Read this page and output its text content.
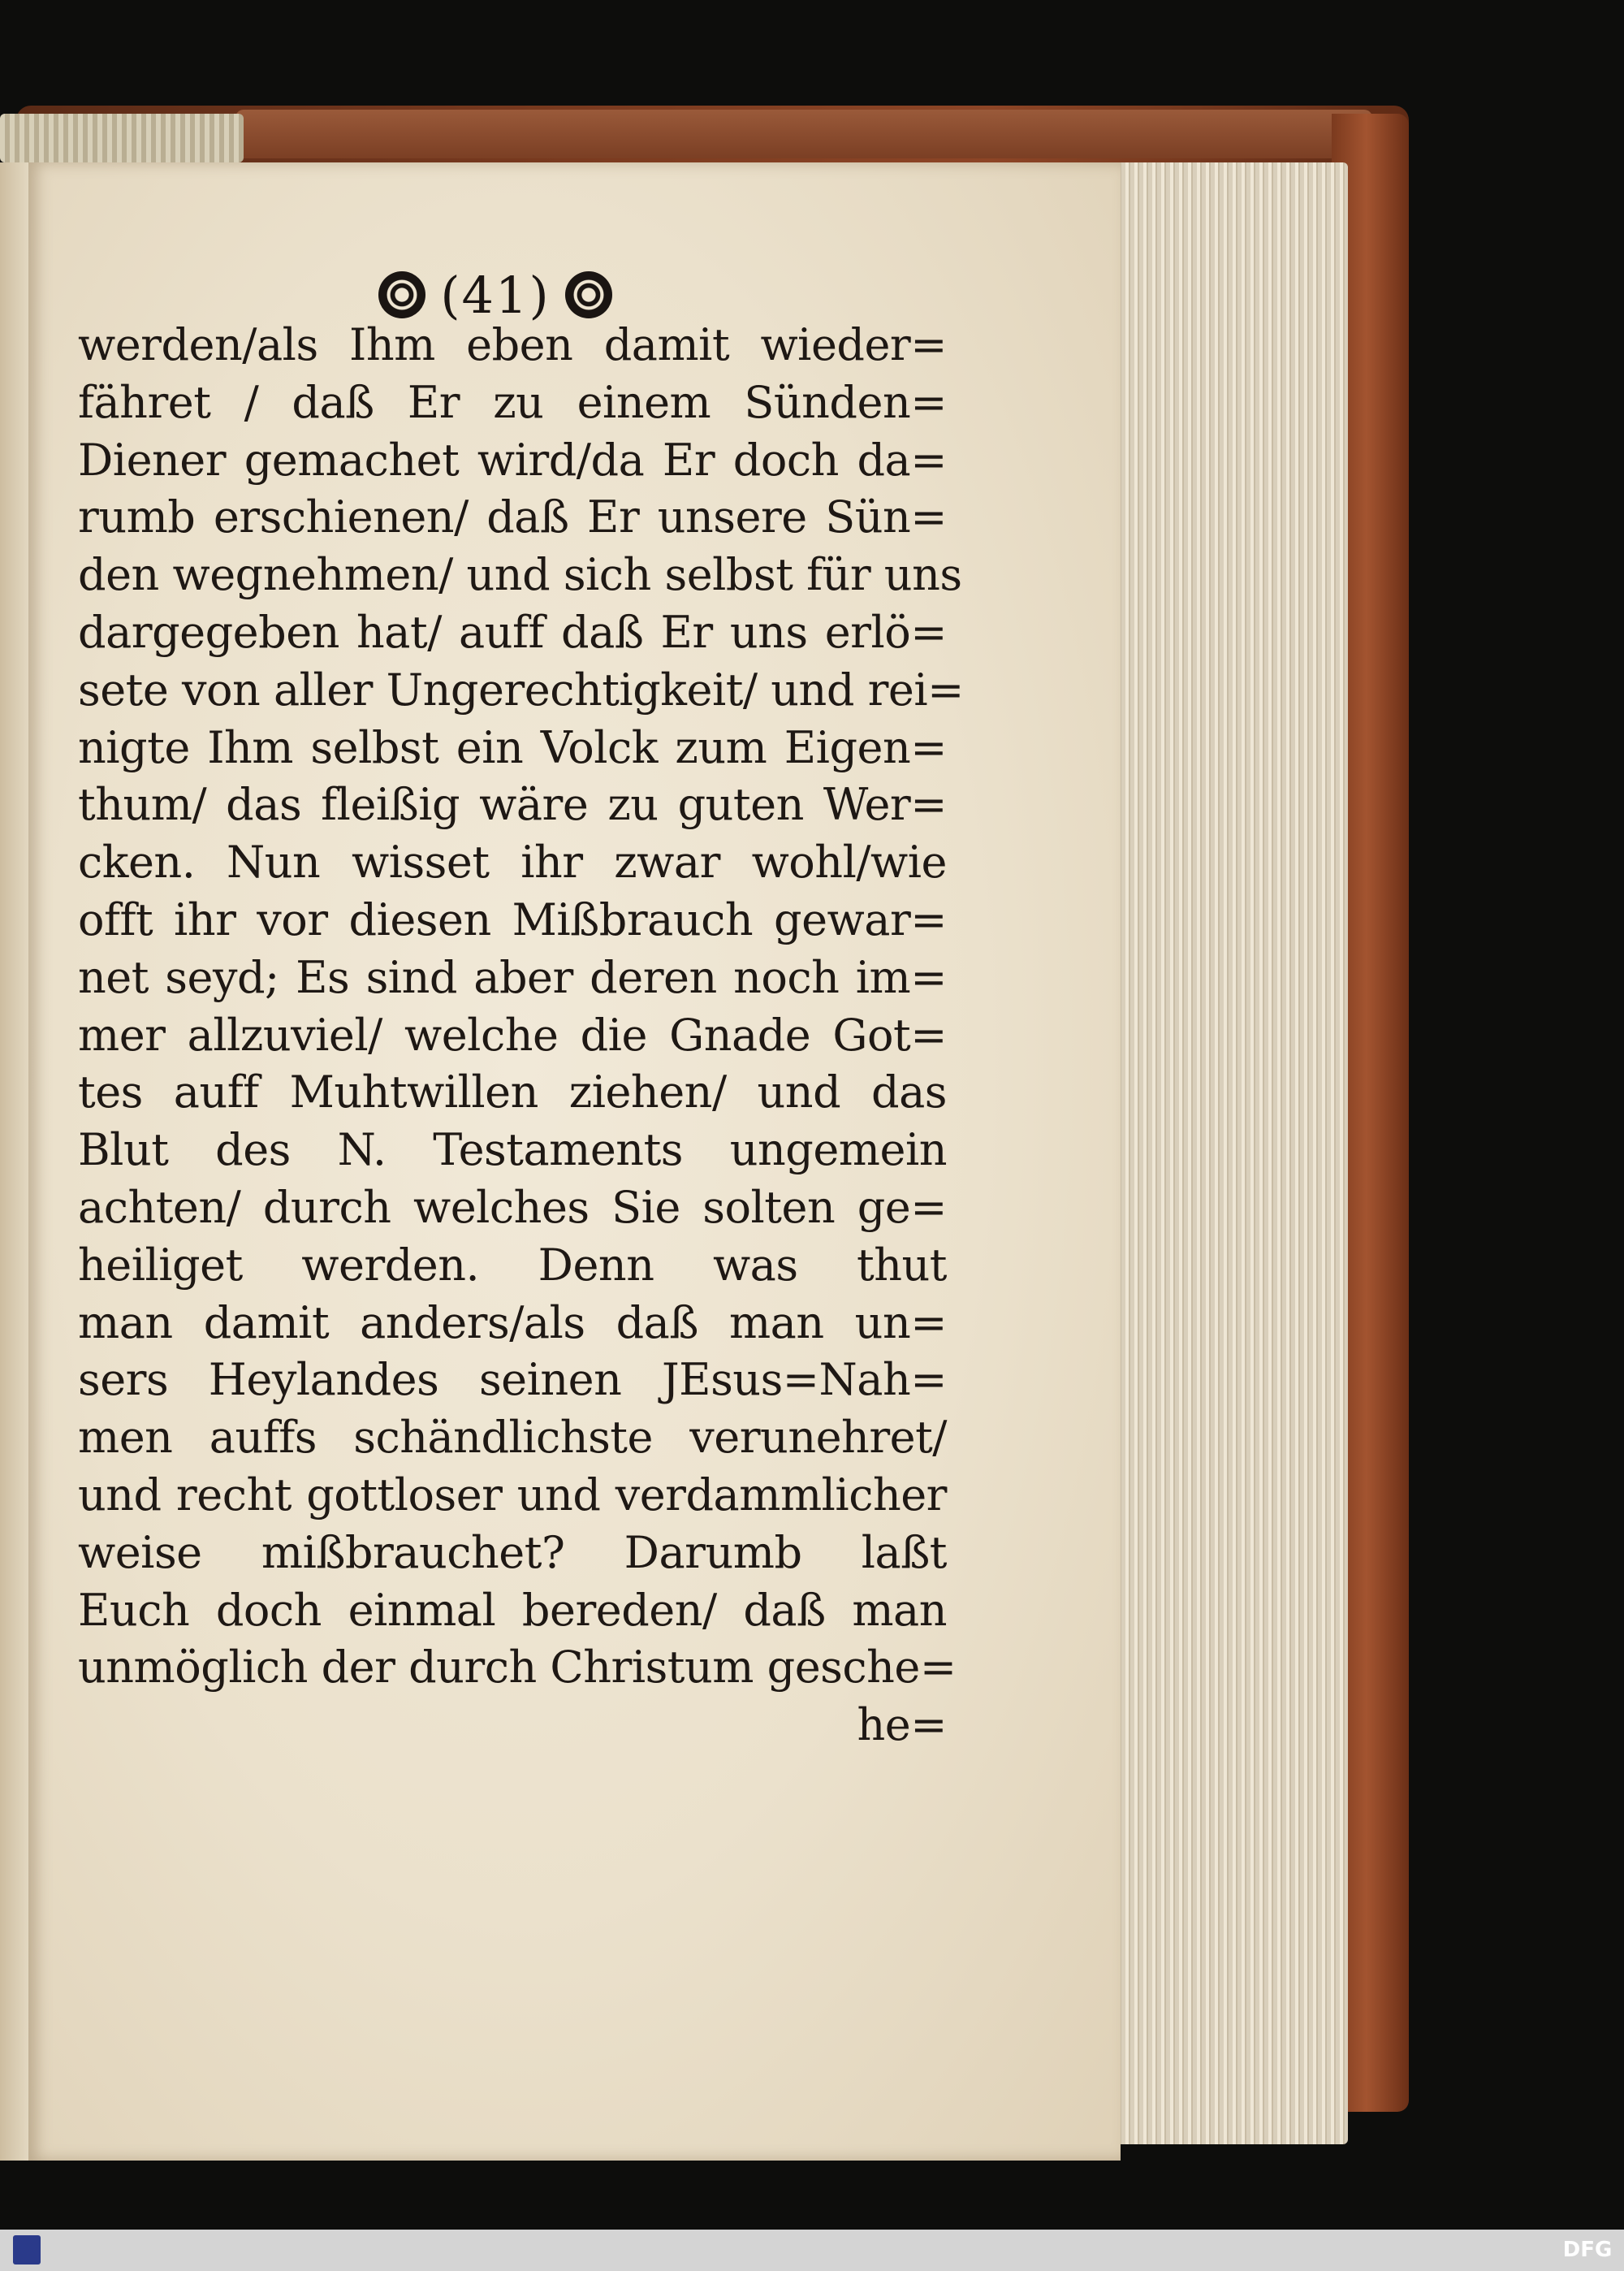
(41)
werden/als Ihm eben damit wieder=
fähret / daß Er zu einem Sünden=
Diener gemachet wird/da Er doch da=
rumb erschienen/ daß Er unsere Sün=
den wegnehmen/ und sich selbst für uns
dargegeben hat/ auff daß Er uns erlö=
sete von aller Ungerechtigkeit/ und rei=
nigte Ihm selbst ein Volck zum Eigen=
thum/ das fleißig wäre zu guten Wer=
cken. Nun wisset ihr zwar wohl/wie
offt ihr vor diesen Mißbrauch gewar=
net seyd; Es sind aber deren noch im=
mer allzuviel/ welche die Gnade Got=
tes auff Muhtwillen ziehen/ und das
Blut des N. Testaments ungemein
achten/ durch welches Sie solten ge=
heiliget werden. Denn was thut
man damit anders/als daß man un=
sers Heylandes seinen JEsus=Nah=
men auffs schändlichste verunehret/
und recht gottloser und verdammlicher
weise mißbrauchet? Darumb laßt
Euch doch einmal bereden/ daß man
unmöglich der durch Christum gesche=
he=
DFG
